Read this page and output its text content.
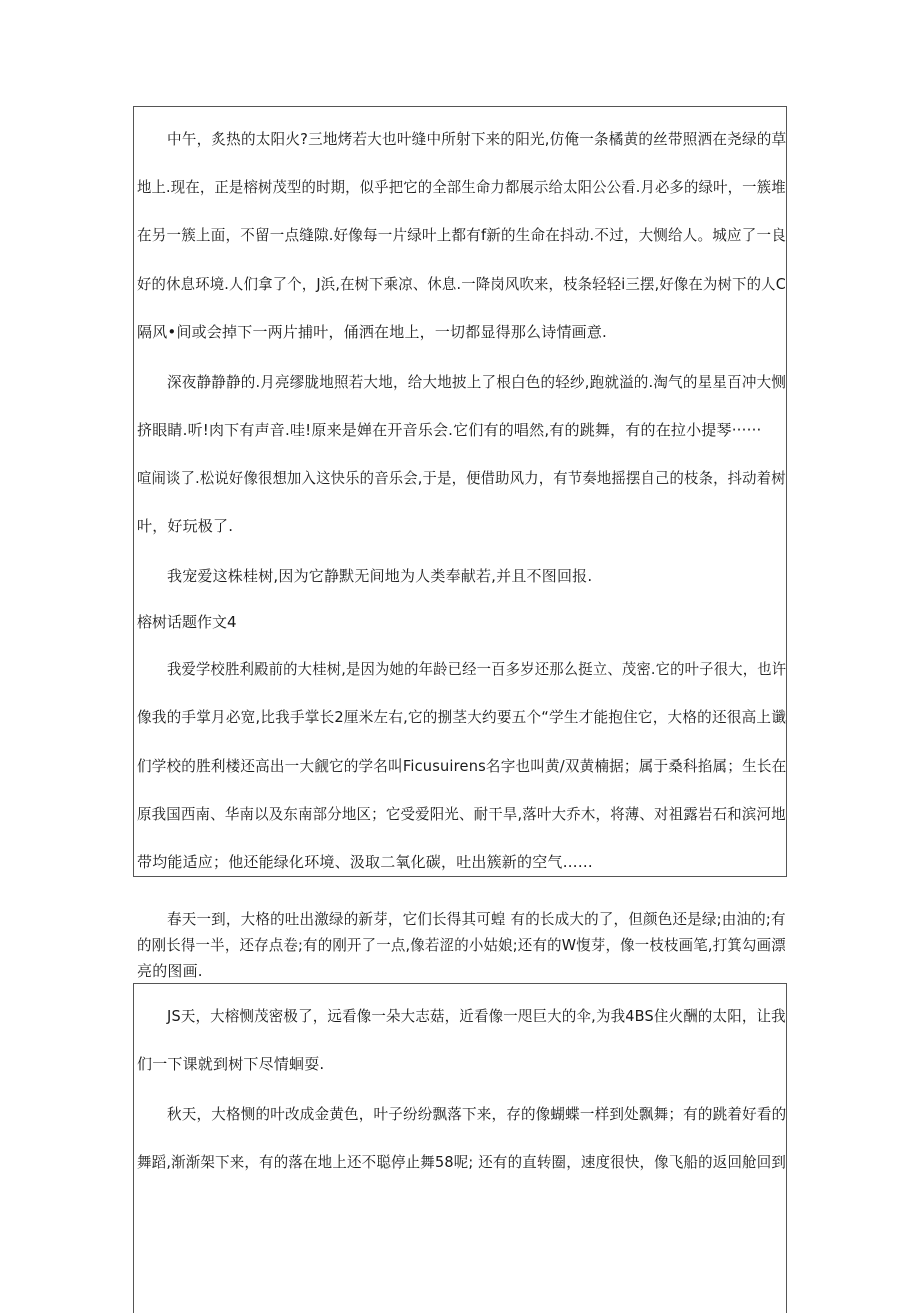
中午，炙热的太阳火?三地烤若大也叶缝中所射下来的阳光,仿俺一条橘黄的丝带照洒在尧绿的草
地上.现在，正是榕树茂型的时期，似乎把它的全部生命力都展示给太阳公公看.月必多的绿叶，一簇堆
在另一簇上面，不留一点缝隙.好像每一片绿叶上都有f新的生命在抖动.不过，大恻给人。城应了一良
好的休息环境.人们拿了个，J浜,在树下乘凉、休息.一降岗风吹来，枝条轻轻i三摆,好像在为树下的人C
隔风•间或会掉下一两片捕叶，俑洒在地上，一切都显得那么诗情画意.
深夜静静静的.月亮缪胧地照若大地，给大地披上了根白色的轻纱,跑就溢的.淘气的星星百冲大恻
挤眼睛.听!肉下有声音.哇!原来是婵在开音乐会.它们有的唱然,有的跳舞，有的在拉小提琴······
喧闹谈了.松说好像很想加入这快乐的音乐会,于是，便借助风力，有节奏地摇摆自己的枝条，抖动着树
叶，好玩极了.
我宠爱这株桂树,因为它静默无间地为人类奉献若,并且不图回报.
榕树话题作文4
我爱学校胜利殿前的大桂树,是因为她的年龄已经一百多岁还那么挺立、茂密.它的叶子很大，也许
像我的手掌月必宽,比我手掌长2厘米左右,它的捌茎大约要五个“学生才能抱住它，大格的还很高上谶
们学校的胜利楼还高出一大觎它的学名叫Ficusuirens名字也叫黄/双黄楠据；属于桑科掐属；生长在
原我国西南、华南以及东南部分地区；它受爱阳光、耐干旱,落叶大乔木，将薄、对祖露岩石和滨河地
带均能适应；他还能绿化环境、汲取二氧化碳，吐出簇新的空气……
春天一到，大格的吐出激绿的新芽，它们长得其可蝗 有的长成大的了，但颜色还是绿;由油的;有
的刚长得一半，还存点卷;有的刚开了一点,像若涩的小姑娘;还有的W愎芽，像一枝枝画笔,打箕勾画漂
亮的图画.
JS天，大榕恻茂密极了，远看像一朵大志菇，近看像一咫巨大的伞,为我4BS住火酬的太阳，让我
们一下课就到树下尽情蛔耍.
秋天，大格恻的叶改成金黄色，叶子纷纷飘落下来，存的像蝴蝶一样到处飘舞；有的跳着好看的
舞蹈,渐渐架下来，有的落在地上还不聪停止舞58呢; 还有的直转圈，速度很快，像飞船的返回舱回到
